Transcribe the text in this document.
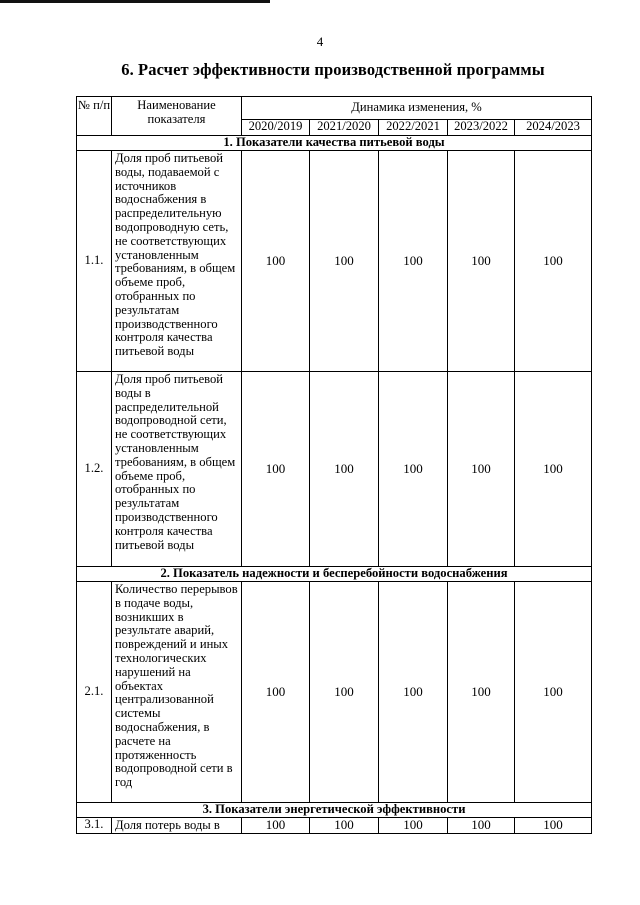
4
6. Расчет эффективности производственной программы
№ п/п	Наименование показателя	Динамика изменения, %				
		2020/2019	2021/2020	2022/2021	2023/2022	2024/2023
1. Показатели качества питьевой воды						
1.1.	Доля проб питьевой воды, подаваемой с источников водоснабжения в распределительную водопроводную сеть, не соответствующих установленным требованиям, в общем объеме проб, отобранных по результатам производственного контроля качества питьевой воды	100	100	100	100	100
1.2.	Доля проб питьевой воды в распределительной водопроводной сети, не соответствующих установленным требованиям, в общем объеме проб, отобранных по результатам производственного контроля качества питьевой воды	100	100	100	100	100
2. Показатель надежности и бесперебойности водоснабжения						
2.1.	Количество перерывов в подаче воды, возникших в результате аварий, повреждений и иных технологических нарушений на объектах централизованной системы водоснабжения, в расчете на протяженность водопроводной сети в год	100	100	100	100	100
3. Показатели энергетической эффективности						
3.1.	Доля потерь воды в	100	100	100	100	100
